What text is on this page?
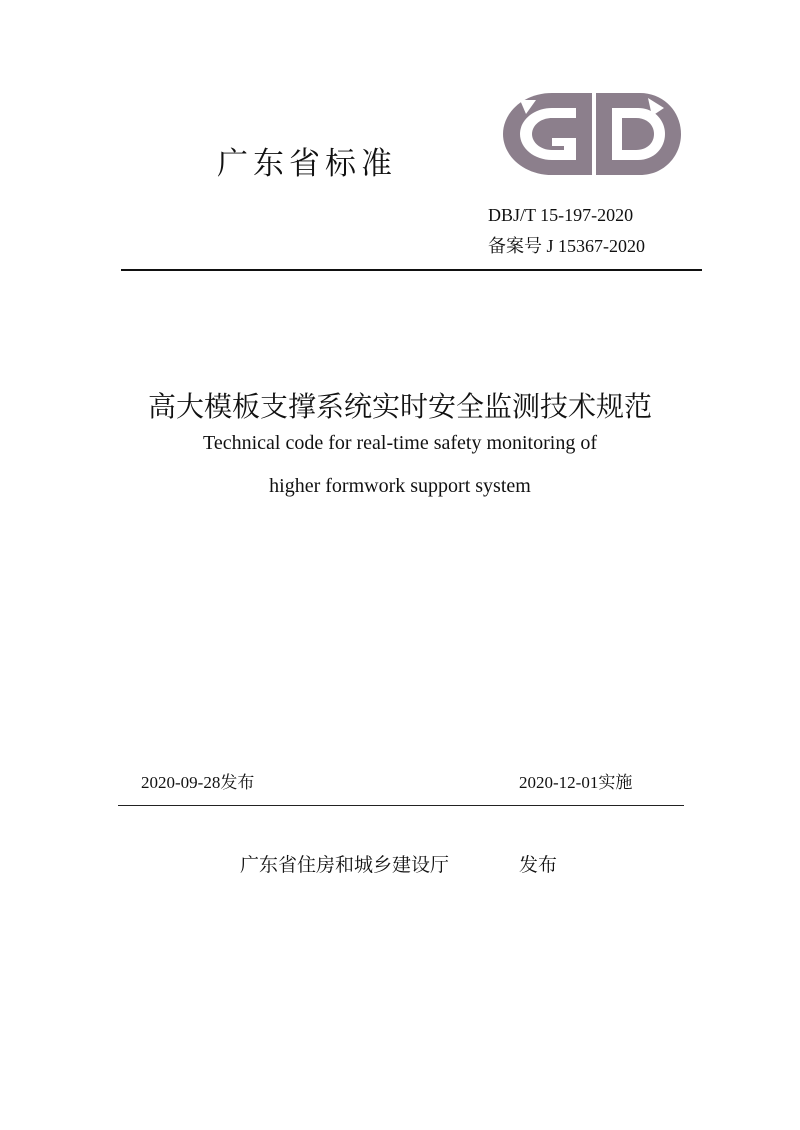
广东省标准
DBJ/T 15-197-2020
备案号 J 15367-2020
高大模板支撑系统实时安全监测技术规范
Technical code for real-time safety monitoring of
higher formwork support system
2020-09-28发布	2020-12-01实施
广东省住房和城乡建设厅	发布
